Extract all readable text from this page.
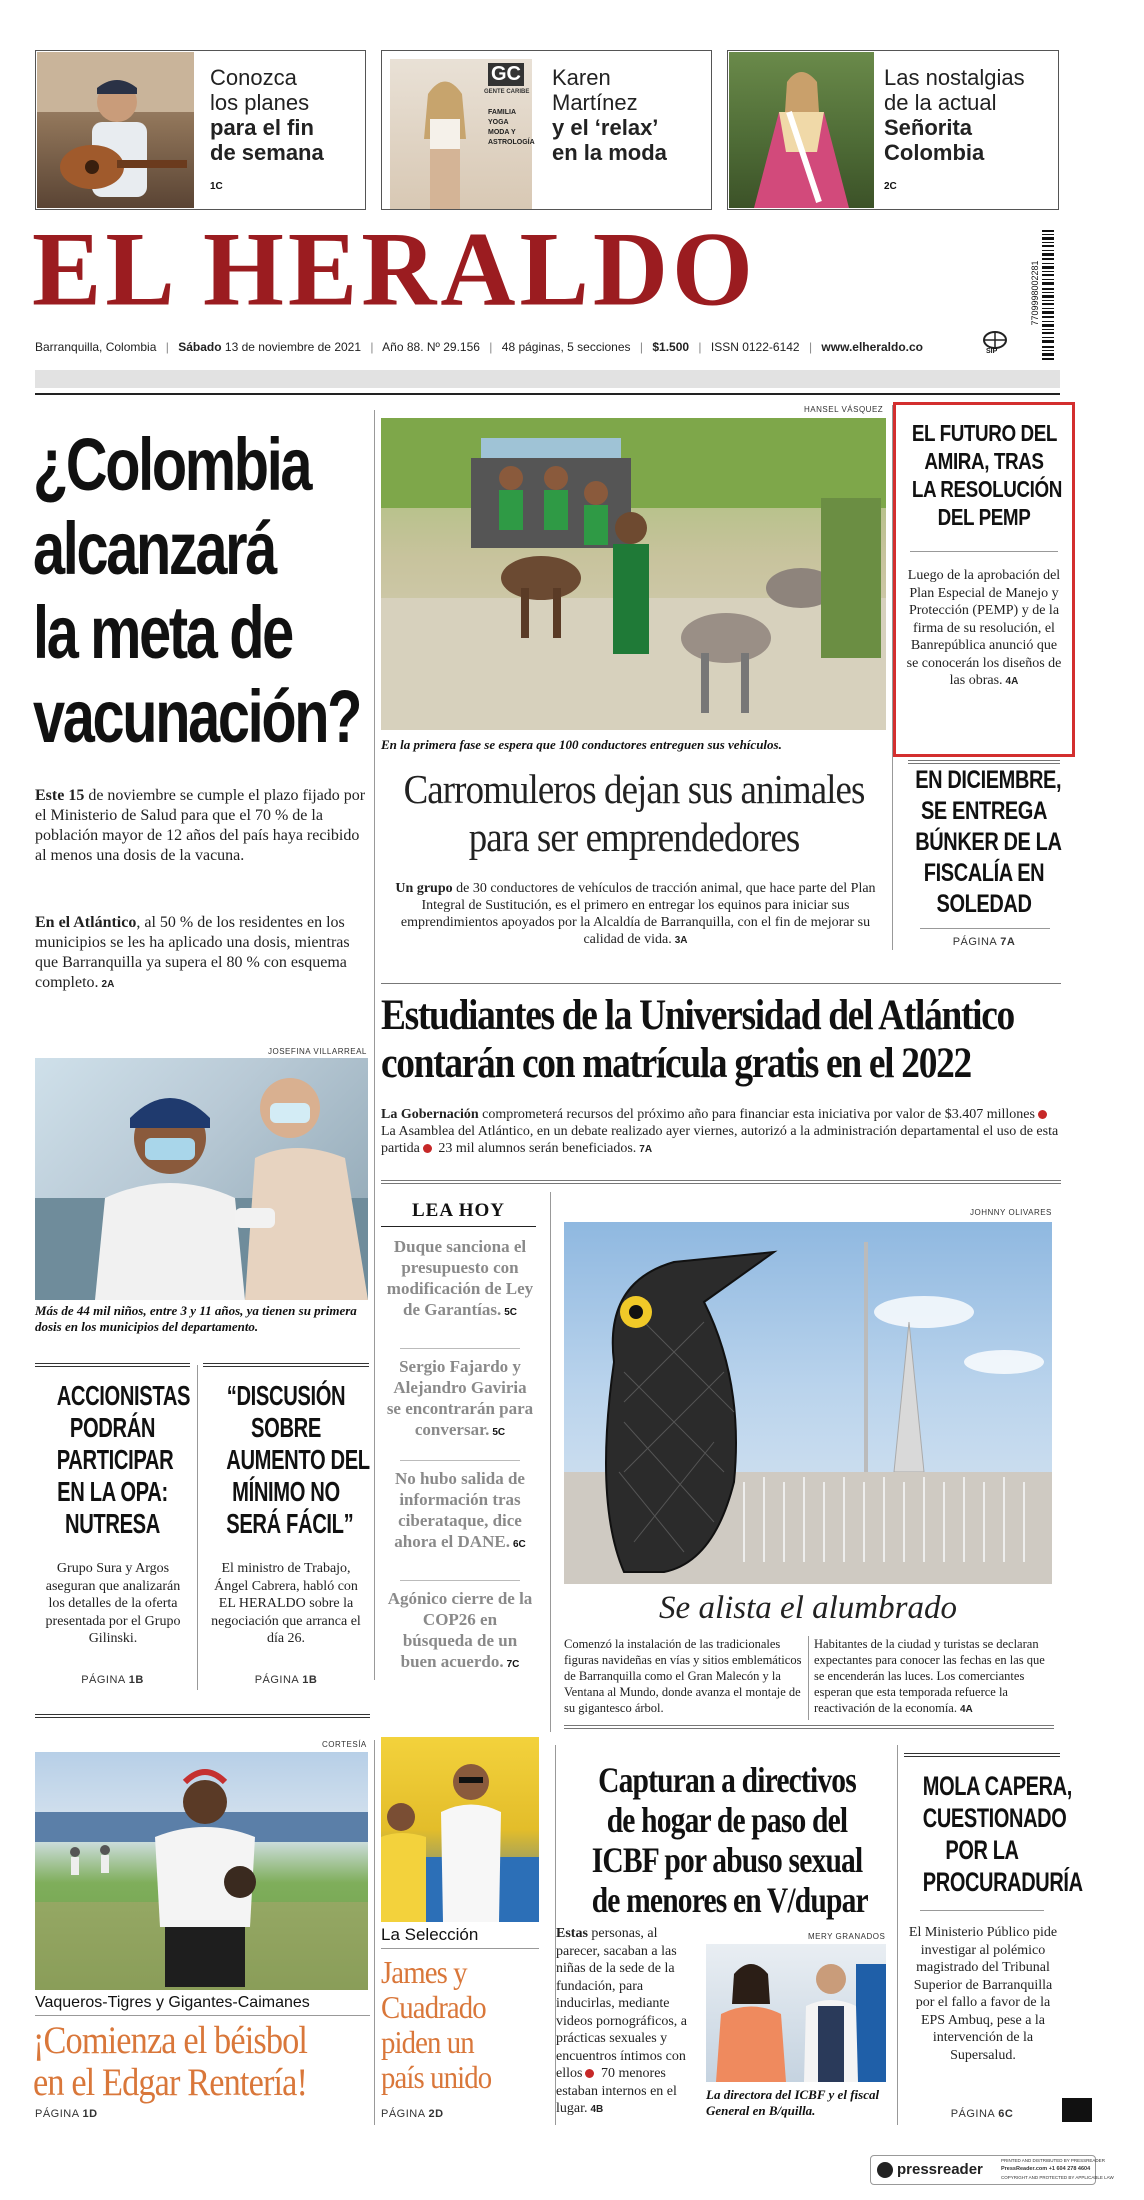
Conozca
los planes
para el fin
de semana
1C
GC
GENTE CARIBE
FAMILIA
YOGA
MODA Y
ASTROLOGÍA
Karen
Martínez
y el ‘relax’
en la moda
Las nostalgias
de la actual
Señorita
Colombia
2C
EL HERALDO	7709998002281
Barranquilla, Colombia | Sábado 13 de noviembre de 2021 | Año 88. Nº 29.156 | 48 páginas, 5 secciones | $1.500 | ISSN 0122-6142 | www.elheraldo.co	SIP
¿Colombia
alcanzará
la meta de
vacunación?
Este 15 de noviembre se cumple el plazo fijado por el Ministerio de Salud para que el 70 % de la población mayor de 12 años del país haya recibido al menos una dosis de la vacuna.
En el Atlántico, al 50 % de los residentes en los municipios se les ha aplicado una dosis, mientras que Barranquilla ya supera el 80 % con esquema completo. 2A
JOSEFINA VILLARREAL
Más de 44 mil niños, entre 3 y 11 años, ya tienen su primera dosis en los municipios del departamento.
HANSEL VÁSQUEZ
En la primera fase se espera que 100 conductores entreguen sus vehículos.
Carromuleros dejan sus animales
para ser emprendedores
Un grupo de 30 conductores de vehículos de tracción animal, que hace parte del Plan Integral de Sustitución, es el primero en entregar los equinos para iniciar sus emprendimientos apoyados por la Alcaldía de Barranquilla, con el fin de mejorar su calidad de vida. 3A
EL FUTURO DEL
AMIRA, TRAS
LA RESOLUCIÓN
DEL PEMP
Luego de la aprobación del Plan Especial de Manejo y Protección (PEMP) y de la firma de su resolución, el Banrepública anunció que se conocerán los diseños de las obras. 4A
EN DICIEMBRE,
SE ENTREGA
BÚNKER DE LA
FISCALÍA EN
SOLEDAD
PÁGINA 7A
Estudiantes de la Universidad del Atlántico
contarán con matrícula gratis en el 2022
La Gobernación comprometerá recursos del próximo año para financiar esta iniciativa por valor de $3.407 millones La Asamblea del Atlántico, en un debate realizado ayer viernes, autorizó a la administración departamental el uso de esta partida 23 mil alumnos serán beneficiados. 7A
LEA HOY
Duque sanciona el presupuesto con modificación de Ley de Garantías. 5C
Sergio Fajardo y Alejandro Gaviria se encontrarán para conversar. 5C
No hubo salida de información tras ciberataque, dice ahora el DANE. 6C
Agónico cierre de la COP26 en búsqueda de un buen acuerdo. 7C
JOHNNY OLIVARES
Se alista el alumbrado
Comenzó la instalación de las tradicionales figuras navideñas en vías y sitios emblemáticos de Barranquilla como el Gran Malecón y la Ventana al Mundo, donde avanza el montaje de su gigantesco árbol.
Habitantes de la ciudad y turistas se declaran expectantes para conocer las fechas en las que se encenderán las luces. Los comerciantes esperan que esta temporada refuerce la reactivación de la economía. 4A
ACCIONISTAS
PODRÁN
PARTICIPAR
EN LA OPA:
NUTRESA
Grupo Sura y Argos aseguran que analizarán los detalles de la oferta presentada por el Grupo Gilinski.
PÁGINA 1B
“DISCUSIÓN
SOBRE
AUMENTO DEL
MÍNIMO NO
SERÁ FÁCIL”
El ministro de Trabajo, Ángel Cabrera, habló con EL HERALDO sobre la negociación que arranca el día 26.
PÁGINA 1B
CORTESÍA
Vaqueros-Tigres y Gigantes-Caimanes
¡Comienza el béisbol
en el Edgar Rentería!
PÁGINA 1D
La Selección
James y
Cuadrado
piden un
país unido
PÁGINA 2D
Capturan a directivos
de hogar de paso del
ICBF por abuso sexual
de menores en V/dupar
Estas personas, al parecer, sacaban a las niñas de la sede de la fundación, para inducirlas, mediante videos pornográficos, a prácticas sexuales y encuentros íntimos con ellos 70 menores estaban internos en el lugar. 4B
MERY GRANADOS
La directora del ICBF y el fiscal General en B/quilla.
MOLA CAPERA,
CUESTIONADO
POR LA
PROCURADURÍA
El Ministerio Público pide investigar al polémico magistrado del Tribunal Superior de Barranquilla por el fallo a favor de la EPS Ambuq, pese a la intervención de la Supersalud.
PÁGINA 6C
pressreader
PRINTED AND DISTRIBUTED BY PRESSREADER
PressReader.com +1 604 278 4604
COPYRIGHT AND PROTECTED BY APPLICABLE LAW
